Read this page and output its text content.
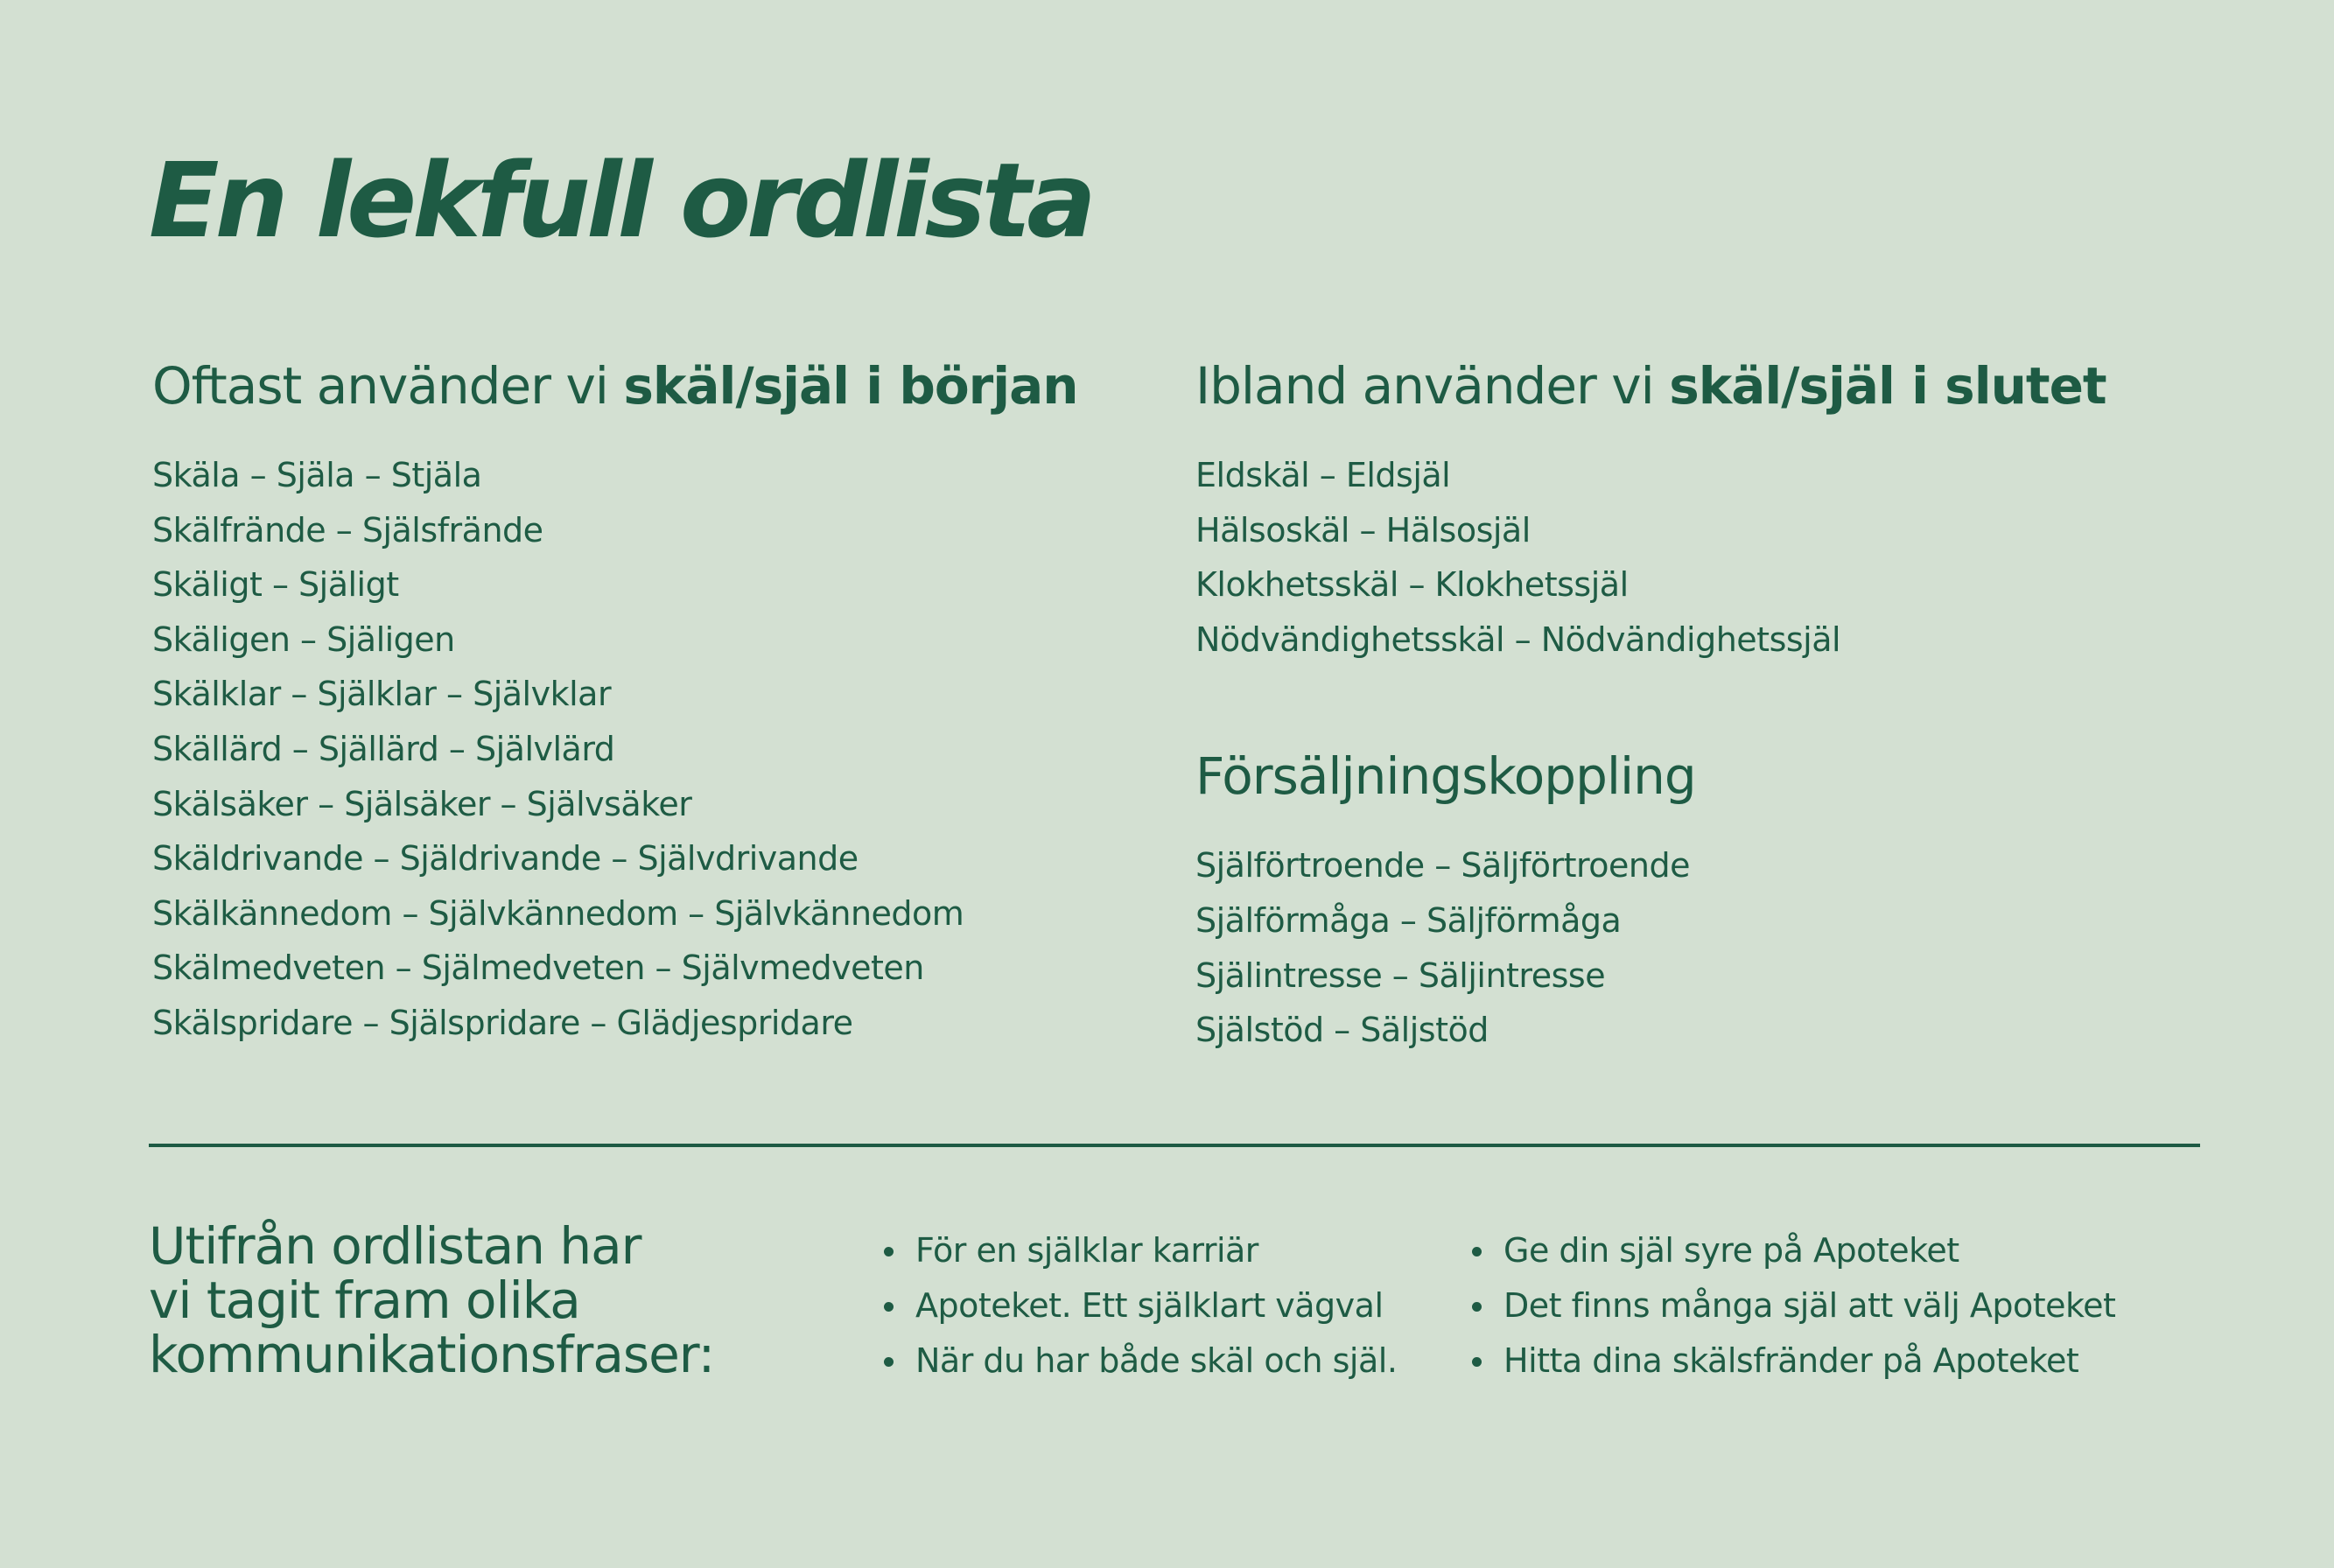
En lekfull ordlista
Oftast använder vi skäl/själ i början
Skäla – Själa – Stjäla
Skälfrände – Själsfrände
Skäligt – Själigt
Skäligen – Själigen
Skälklar – Själklar – Självklar
Skällärd – Själlärd – Självlärd
Skälsäker – Själsäker – Självsäker
Skäldrivande – Själdrivande – Självdrivande
Skälkännedom – Självkännedom – Självkännedom
Skälmedveten – Själmedveten – Självmedveten
Skälspridare – Själspridare – Glädjespridare
Ibland använder vi skäl/själ i slutet
Eldskäl – Eldsjäl
Hälsoskäl – Hälsosjäl
Klokhetsskäl – Klokhetssjäl
Nödvändighetsskäl – Nödvändighetssjäl
Försäljningskoppling
Själförtroende – Säljförtroende
Själförmåga – Säljförmåga
Själintresse – Säljintresse
Själstöd – Säljstöd
Utifrån ordlistan har
vi tagit fram olika
kommunikationsfraser:
För en själklar karriär
Apoteket. Ett själklart vägval
När du har både skäl och själ.
Ge din själ syre på Apoteket
Det finns många själ att välj Apoteket
Hitta dina skälsfränder på Apoteket
